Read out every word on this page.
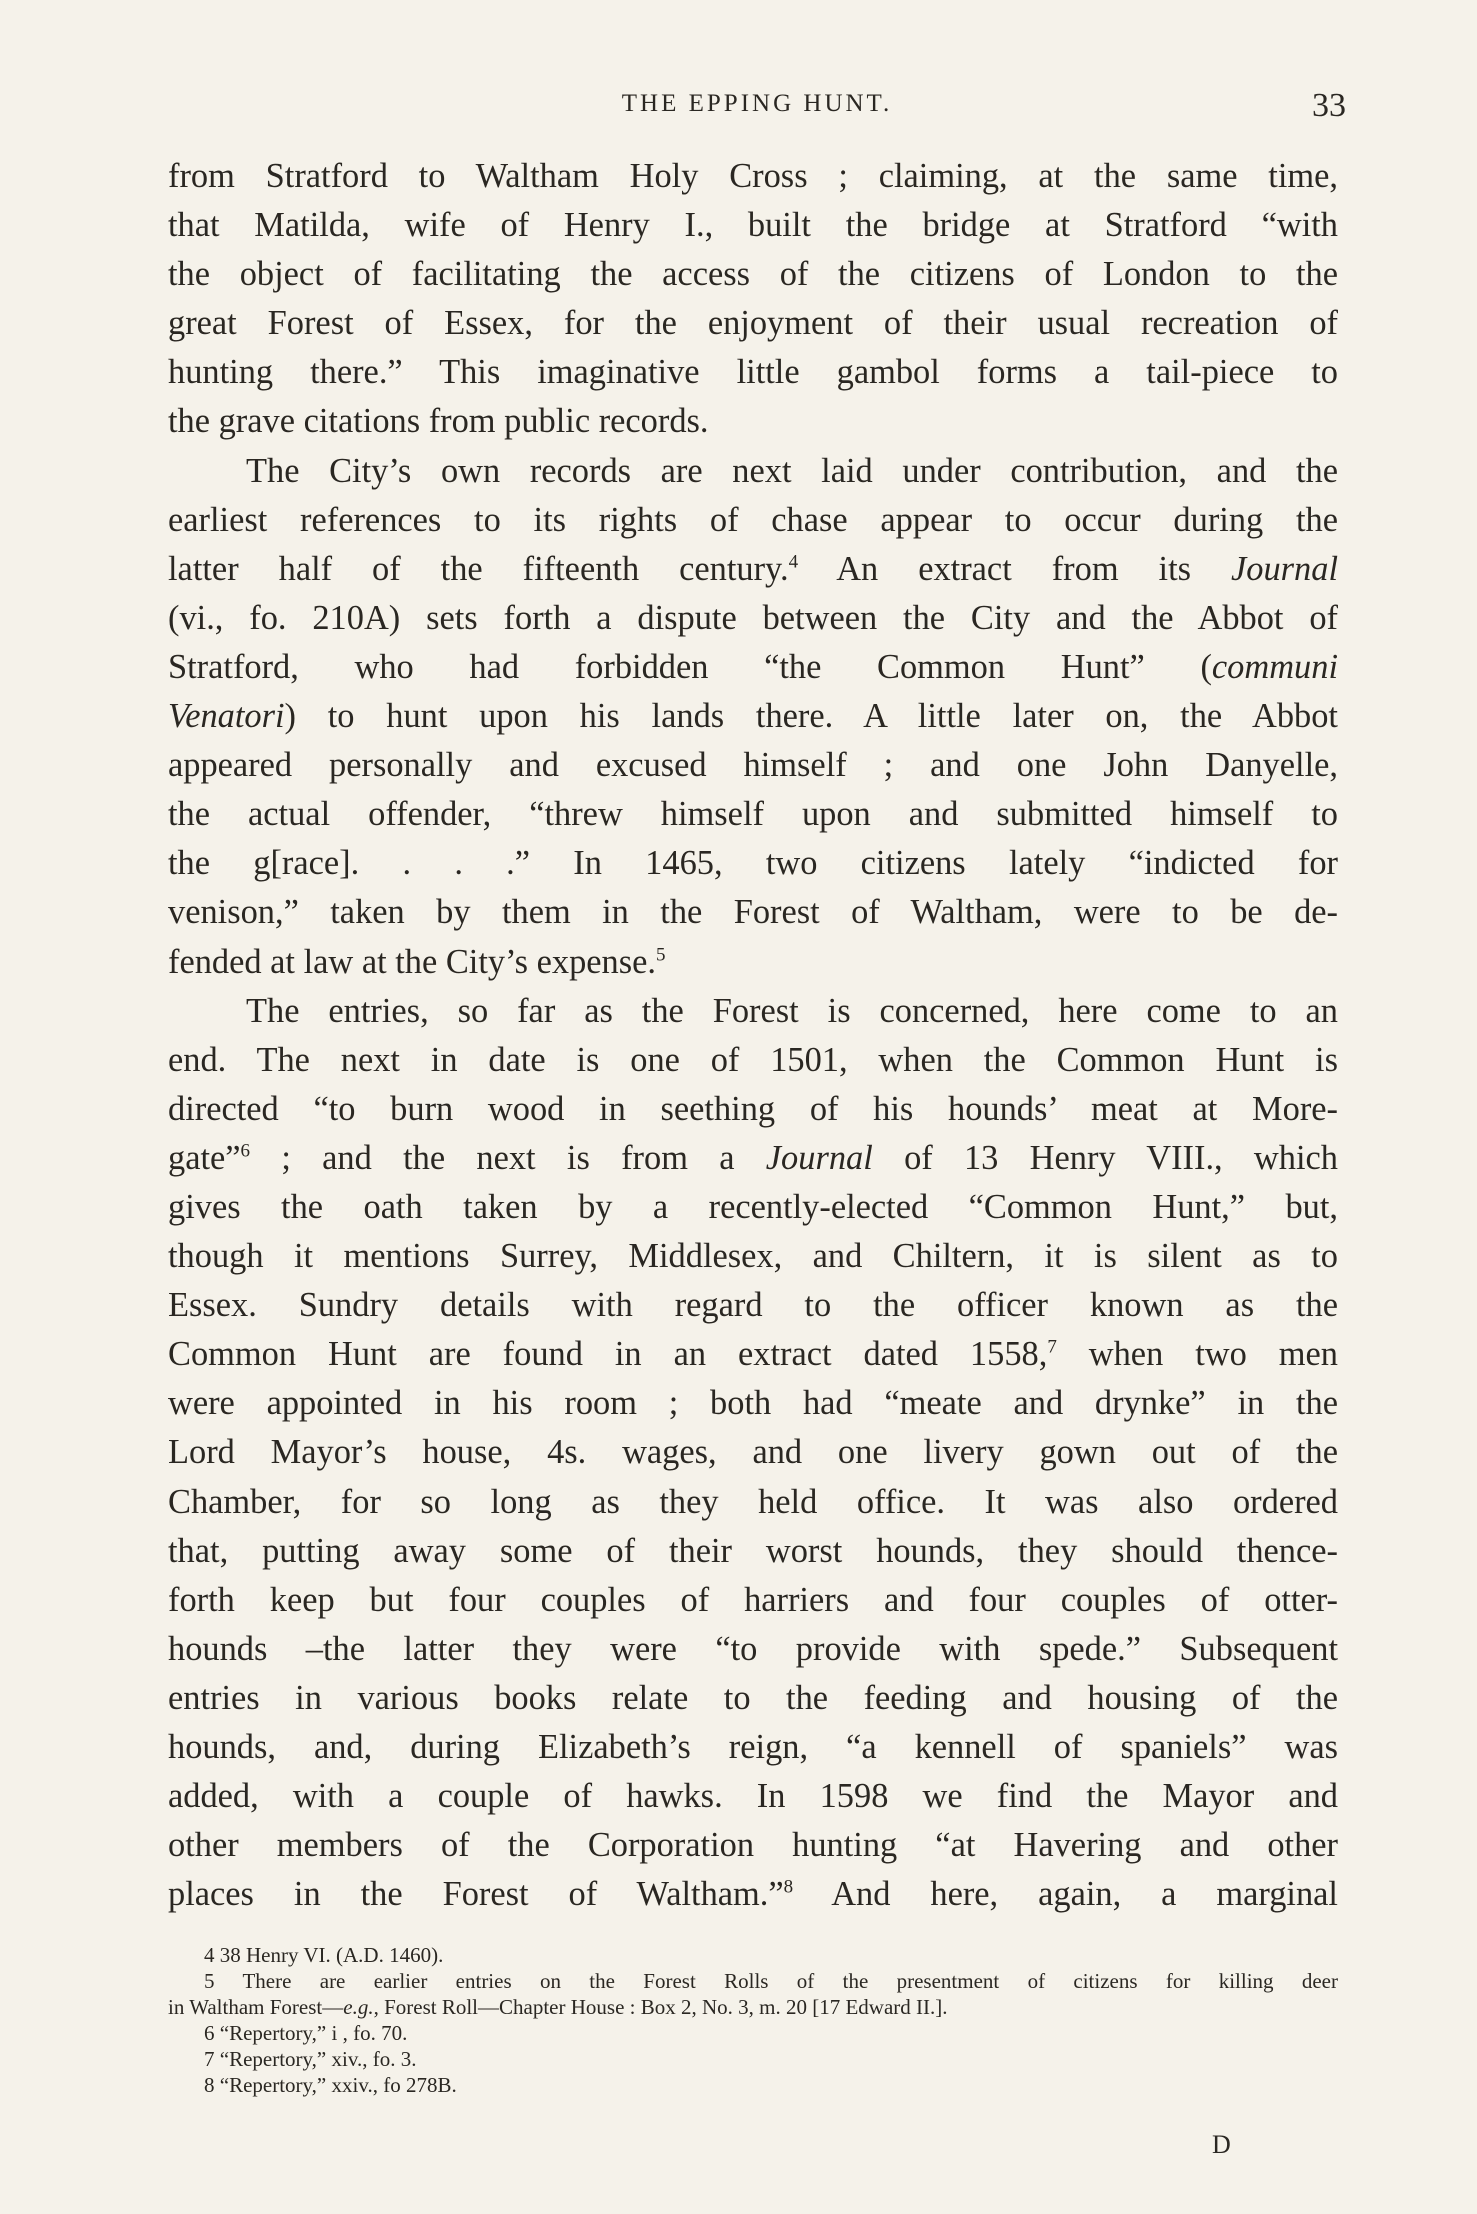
THE EPPING HUNT.	33
from Stratford to Waltham Holy Cross ; claiming, at the same time,
that Matilda, wife of Henry I., built the bridge at Stratford “with
the object of facilitating the access of the citizens of London to the
great Forest of Essex, for the enjoyment of their usual recreation of
hunting there.” This imaginative little gambol forms a tail-piece to
the grave citations from public records.
The City’s own records are next laid under contribution, and the
earliest references to its rights of chase appear to occur during the
latter half of the fifteenth century.$^4$ An extract from its Journal
(vi., fo. 210A) sets forth a dispute between the City and the Abbot of
Stratford, who had forbidden “the Common Hunt” (communi
Venatori) to hunt upon his lands there. A little later on, the Abbot
appeared personally and excused himself ; and one John Danyelle,
the actual offender, “threw himself upon and submitted himself to
the g[race]. . . .” In 1465, two citizens lately “indicted for
venison,” taken by them in the Forest of Waltham, were to be de-
fended at law at the City’s expense.$^5$
The entries, so far as the Forest is concerned, here come to an
end. The next in date is one of 1501, when the Common Hunt is
directed “to burn wood in seething of his hounds’ meat at More-
gate”$^6$ ; and the next is from a Journal of 13 Henry VIII., which
gives the oath taken by a recently-elected “Common Hunt,” but,
though it mentions Surrey, Middlesex, and Chiltern, it is silent as to
Essex. Sundry details with regard to the officer known as the
Common Hunt are found in an extract dated 1558,$^7$ when two men
were appointed in his room ; both had “meate and drynke” in the
Lord Mayor’s house, 4s. wages, and one livery gown out of the
Chamber, for so long as they held office. It was also ordered
that, putting away some of their worst hounds, they should thence-
forth keep but four couples of harriers and four couples of otter-
hounds –the latter they were “to provide with spede.” Subsequent
entries in various books relate to the feeding and housing of the
hounds, and, during Elizabeth’s reign, “a kennell of spaniels” was
added, with a couple of hawks. In 1598 we find the Mayor and
other members of the Corporation hunting “at Havering and other
places in the Forest of Waltham.”$^8$ And here, again, a marginal
4 38 Henry VI. (A.D. 1460).
5 There are earlier entries on the Forest Rolls of the presentment of citizens for killing deer
in Waltham Forest—e.g., Forest Roll—Chapter House : Box 2, No. 3, m. 20 [17 Edward II.].
6 “Repertory,” i , fo. 70.
7 “Repertory,” xiv., fo. 3.
8 “Repertory,” xxiv., fo 278B.
D
